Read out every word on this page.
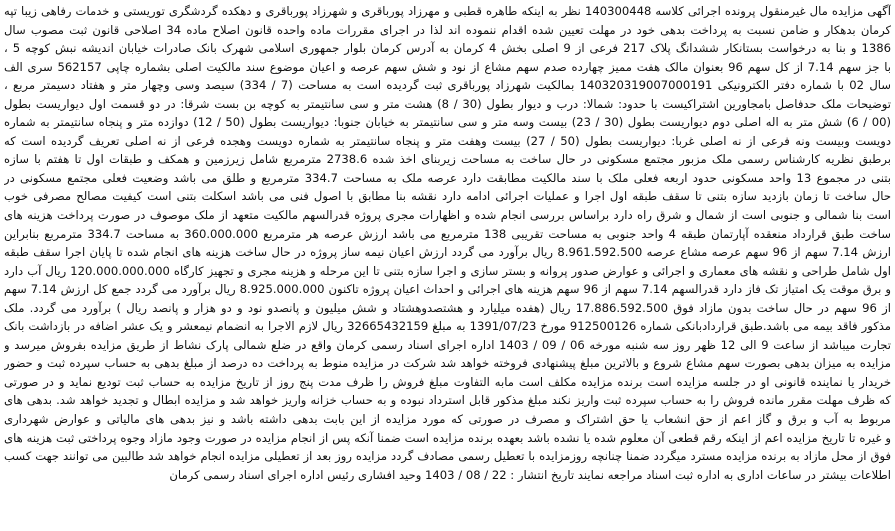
آگهی مزایده مال غیرمنقول پرونده اجرائی کلاسه 140300448 نظر به اینکه طاهره قطبی و مهرزاد پورباقری و شهرزاد پورباقری و دهکده گردشگری توریستی و خدمات رفاهی زیبا تپه
کرمان بدهکار و ضامن نسبت به پرداخت بدهی خود در مهلت تعیین شده اقدام ننموده اند لذا در اجرای مقررات ماده واحده قانون اصلاح ماده 34 اصلاحی قانون ثبت مصوب سال
1386 و بنا به درخواست بستانکار ششدانگ پلاک 217 فرعی از 9 اصلی بخش 4 کرمان به آدرس کرمان بلوار جمهوری اسلامی شهرک بانک صادرات خیابان اندیشه نبش کوچه 5 ،
با جز سهم 7.14 از کل سهم 96 بعنوان مالک هفت ممیز چهارده صدم سهم مشاع از نود و شش سهم عرصه و اعیان موضوع سند مالکیت اصلی بشماره چاپی 562157 سری الف
سال 02 با شماره دفتر الکترونیکی 140320319007000191 بمالکیت شهرزاد پورباقری ثبت گردیده است به مساحت (7 / 334) سیصد وسی وچهار متر و هفتاد دسیمتر مربع ،
توضیحات ملک حدفاصل بامجاورین اشتراکیست با حدود: شمالا: درب و دیوار بطول (30 / 8) هشت متر و سی سانتیمتر به کوچه بن بست شرقا: در دو قسمت اول دیواریست بطول
(00 / 6) شش متر به اله اصلی دوم دیواریست بطول (30 / 23) بیست وسه متر و سی سانتیمتر به خیابان جنوبا: دیواریست بطول (50 / 12) دوازده متر و پنجاه سانتیمتر به شماره
دویست وبیست ونه فرعی از نه اصلی غربا: دیواریست بطول (50 / 27) بیست وهفت متر و پنجاه سانتیمتر به شماره دویست وهجده فرعی از نه اصلی تعریف گردیده است که
برطبق نظریه کارشناس رسمی ملک مزبور مجتمع مسکونی در حال ساخت به مساحت زیربنای اخذ شده 2738.6 مترمربع شامل زیرزمین و همکف و طبقات اول تا هفتم با سازه
بتنی در مجموع 13 واحد مسکونی حدود اربعه فعلی ملک با سند مالکیت مطابقت دارد عرصه ملک به مساحت 334.7 مترمربع و طلق می باشد وضعیت فعلی مجتمع مسکونی در
حال ساخت تا زمان بازدید سازه بتنی تا سقف طبقه اول اجرا و عملیات اجرائی ادامه دارد نقشه بنا مطابق با اصول فنی می باشد اسکلت بتنی است کیفیت مصالح مصرفی خوب
است بنا شمالی و جنوبی است از شمال و شرق راه دارد براساس بررسی انجام شده و اظهارات مجری پروژه قدرالسهم مالکیت متعهد از ملک موصوف در صورت پرداخت هزینه های
ساخت طبق قرارداد منعقده آپارتمان طبقه 4 واحد جنوبی به مساحت تقریبی 138 مترمربع می باشد ارزش عرصه هر مترمربع 360.000.000 به مساحت 334.7 مترمربع بنابراین
ارزش 7.14 سهم از 96 سهم عرصه مشاع عرصه 8.961.592.500 ریال برآورد می گردد ارزش اعیان نیمه ساز پروژه در حال ساخت هزینه های انجام شده تا پایان اجرا سقف طبقه
اول شامل طراحی و نقشه های معماری و اجرائی و عوارض صدور پروانه و بستر سازی و اجرا سازه بتنی تا این مرحله و هزینه مجری و تجهیز کارگاه 120.000.000.000 ریال آب دارد
و برق موقت یک امتیاز تک فاز دارد قدرالسهم 7.14 سهم از 96 سهم هزینه های اجرائی و احداث اعیان پروژه تاکنون 8.925.000.000 ریال برآورد می گردد جمع کل ارزش 7.14 سهم
از 96 سهم در حال ساخت بدون مازاد فوق 17.886.592.500 ریال (هفده میلیارد و هشتصدوهشتاد و شش میلیون و پانصدو نود و دو هزار و پانصد ریال ) برآورد می گردد. ملک
مذکور فاقد بیمه می باشد.طبق قراردادبانکی شماره 912500126 مورخ 1391/07/23 به مبلغ 32665432159 ریال لازم الاجرا به انضمام نیمعشر و یک عشر اضافه در بازداشت بانک
تجارت میباشد از ساعت 9 الی 12 ظهر روز سه شنبه مورخه 06 / 09 / 1403 اداره اجرای اسناد رسمی کرمان واقع در ضلع شمالی پارک نشاط از طریق مزایده بفروش میرسد و
مزایده به میزان بدهی بصورت سهم مشاع شروع و بالاترین مبلغ پیشنهادی فروخته خواهد شد شرکت در مزایده منوط به پرداخت ده درصد از مبلغ بدهی به حساب سپرده ثبت و حضور
خریدار یا نماینده قانونی او در جلسه مزایده است برنده مزایده مکلف است مابه التفاوت مبلغ فروش را ظرف مدت پنج روز از تاریخ مزایده به حساب ثبت تودیع نماید و در صورتی
که ظرف مهلت مقرر مانده فروش را به حساب سپرده ثبت واریز نکند مبلغ مذکور قابل استرداد نبوده و به حساب خزانه واریز خواهد شد و مزایده ابطال و تجدید خواهد شد. بدهی های
مربوط به آب و برق و گاز اعم از حق انشعاب یا حق اشتراک و مصرف در صورتی که مورد مزایده از این بابت بدهی داشته باشد و نیز بدهی های مالیاتی و عوارض شهرداری
و غیره تا تاریخ مزایده اعم از اینکه رقم قطعی آن معلوم شده یا نشده باشد بعهده برنده مزایده است ضمنا آنکه پس از انجام مزایده در صورت وجود مازاد وجوه پرداختی ثبت هزینه های
فوق از محل مازاد به برنده مزایده مسترد میگردد ضمنا چنانچه روزمزایده با تعطیل رسمی مصادف گردد مزایده روز بعد از تعطیلی مزایده انجام خواهد شد طالبین می توانند جهت کسب
اطلاعات بیشتر در ساعات اداری به اداره ثبت اسناد مراجعه نمایند تاریخ انتشار : 22 / 08 / 1403 وحید افشاری رئیس اداره اجرای اسناد رسمی کرمان
